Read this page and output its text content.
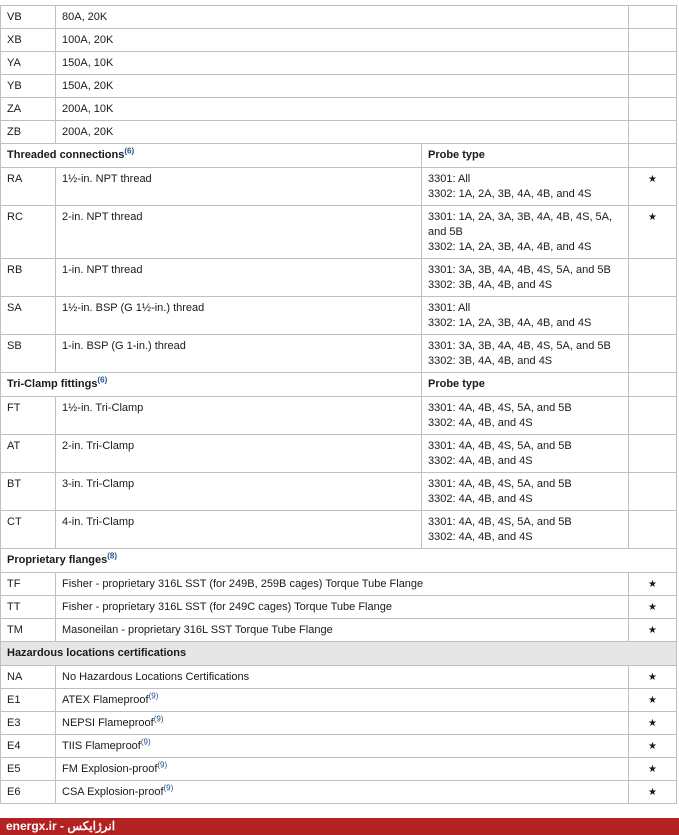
VB	80A, 20K		
XB	100A, 20K		
YA	150A, 10K		
YB	150A, 20K		
ZA	200A, 10K		
ZB	200A, 20K		
Threaded connections$^{(6)}$		Probe type	
RA	1½-in. NPT thread	3301: All
3302: 1A, 2A, 3B, 4A, 4B, and 4S	★
RC	2-in. NPT thread	3301: 1A, 2A, 3A, 3B, 4A, 4B, 4S, 5A,
and 5B
3302: 1A, 2A, 3B, 4A, 4B, and 4S	★
RB	1-in. NPT thread	3301: 3A, 3B, 4A, 4B, 4S, 5A, and 5B
3302: 3B, 4A, 4B, and 4S	

SA	1½-in. BSP (G 1½-in.) thread	3301: All
3302: 1A, 2A, 3B, 4A, 4B, and 4S	

SB	1-in. BSP (G 1-in.) thread	3301: 3A, 3B, 4A, 4B, 4S, 5A, and 5B
3302: 3B, 4A, 4B, and 4S	

Tri-Clamp fittings$^{(6)}$		Probe type	
FT	1½-in. Tri-Clamp	3301: 4A, 4B, 4S, 5A, and 5B
3302: 4A, 4B, and 4S	

AT	2-in. Tri-Clamp	3301: 4A, 4B, 4S, 5A, and 5B
3302: 4A, 4B, and 4S	

BT	3-in. Tri-Clamp	3301: 4A, 4B, 4S, 5A, and 5B
3302: 4A, 4B, and 4S	

CT	4-in. Tri-Clamp	3301: 4A, 4B, 4S, 5A, and 5B
3302: 4A, 4B, and 4S	

Proprietary flanges$^{(8)}$
TF	Fisher - proprietary 316L SST (for 249B, 259B cages) Torque Tube Flange		★
TT	Fisher - proprietary 316L SST (for 249C cages) Torque Tube Flange		★
TM	Masoneilan - proprietary 316L SST Torque Tube Flange		★
Hazardous locations certifications			
NA	No Hazardous Locations Certifications		★
E1	ATEX Flameproof$^{(9)}$		★
E3	NEPSI Flameproof$^{(9)}$		★
E4	TIIS Flameproof$^{(9)}$		★
E5	FM Explosion-proof$^{(9)}$		★
E6	CSA Explosion-proof$^{(9)}$		★
energx.ir - انرژایکس
